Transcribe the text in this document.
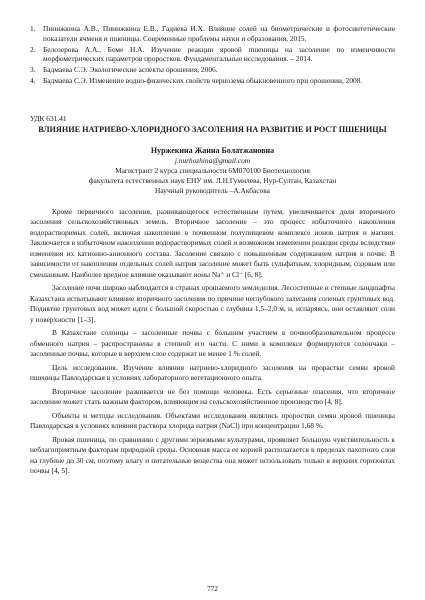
1.	Пинижкина А.В., Пинижкина Е.В., Гадиева И.Х. Влияние солей на биометрические и фотосинтетические показатели ячменя и пшеницы. Современные проблемы науки и образования, 2015.
2.	Белозерова А.А., Боме Н.А. Изучение реакции яровой пшеницы на засоление по изменчивости морфометрических параметров проростков. Фундаментальные исследования. – 2014.
3.	Бадмаева С.Э. Экологические аспекты орошения, 2006.
4.	Бадмаева С.Э. Изменение водно-физических свойств чернозема обыкновенного при орошении, 2008.
УДК 631.41
ВЛИЯНИЕ НАТРИЕВО-ХЛОРИДНОГО ЗАСОЛЕНИЯ НА РАЗВИТИЕ И РОСТ ПШЕНИЦЫ
Нуржекина Жанна Болатжановна
j.nurhozhina@gmail.com
Магистрант 2 курса специальности 6М070100 Биотехнология
факультета естественных наук ЕНУ им. Л.Н.Гумилева, Нур-Султан, Казахстан
Научный руководитель –А.Акбасова

Кроме первичного засоления, развивающегося естественным путем, увеличивается доля вторичного засоления сельскохозяйственных земель. Вторичное засоление – это процесс избыточного накопления водорастворимых солей, включая накопление в почвенном полупищевом комплексе ионов натрия и магния. Заключается в избыточном накоплении водорастворимых солей и возможном изменении реакции среды вследствие изменения их катионно-анионного состава. Засоление связано с повышенным содержанием натрия в почве. В зависимости от накопления отдельных солей натрия засоление может быть сульфатным, хлоридным, содовым или смешанным. Наиболее вредное влияние оказывают ионы Na⁺ и Cl⁻ [6, 8].

Засоление почв широко наблюдается в странах орошаемого земледелия. Лесостепные и степные ландшафты Казахстана испытывают влияние вторичного засоления по причине неглубокого залегания соленых грунтовых вод. Поднятие грунтовых вод может идти с большой скоростью с глубины 1,5–2,0 м, и, испаряясь, они оставляют соли у поверхности [1–3].

В Казахстане солонцы – засоленные почвы с большим участием в почвообразовательном процессе обменного натрия – распространены в степной его части. С ними в комплексе формируются солончаки – засоленные почвы, которые в верхнем слое содержат не менее 1 % солей.

Цель исследования. Изучение влияния натриево-хлоридного засоления на прорастки семян яровой пшеницы Павлодарская в условиях лабораторного вегетационного опыта.

Вторичное засоление развивается не без помощи человека. Есть серьезные опасения, что вторичное засоление может стать важным фактором, влияющим на сельскохозяйственное производство [4, 8].

Объекты и методы исследования. Объектами исследования являлись проростки семян яровой пшеницы Павлодарская в условиях влияния раствора хлорида натрия (NaCl) при концентрации 1,68 %.

Яровая пшеница, по сравнению с другими зерновыми культурами, проявляет большую чувствительность к неблагоприятным факторам природной среды. Основная масса ее корней располагается в пределах пахотного слоя на глубине до 30 см, поэтому влагу и питательные вещества она может использовать только в верхних горизонтах почвы [4, 5].

772
